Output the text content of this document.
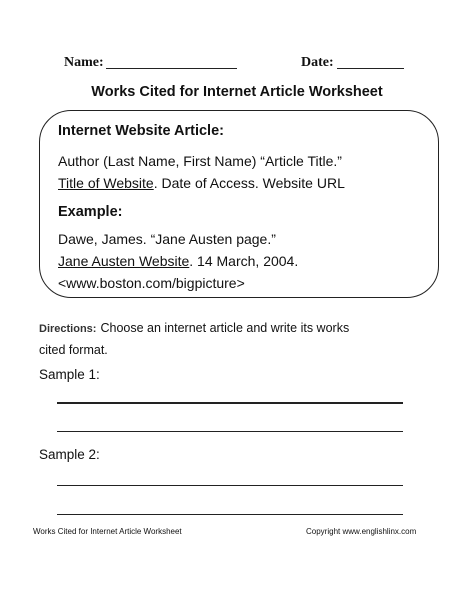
Name:	Date:
Works Cited for Internet Article Worksheet
Internet Website Article:
Author (Last Name, First Name) “Article Title.”
Title of Website. Date of Access. Website URL
Example:
Dawe, James. “Jane Austen page.”
Jane Austen Website. 14 March, 2004.
<www.boston.com/bigpicture>
Directions: Choose an internet article and write its works
cited format.
Sample 1:
Sample 2:
Works Cited for Internet Article Worksheet	Copyright www.englishlinx.com
